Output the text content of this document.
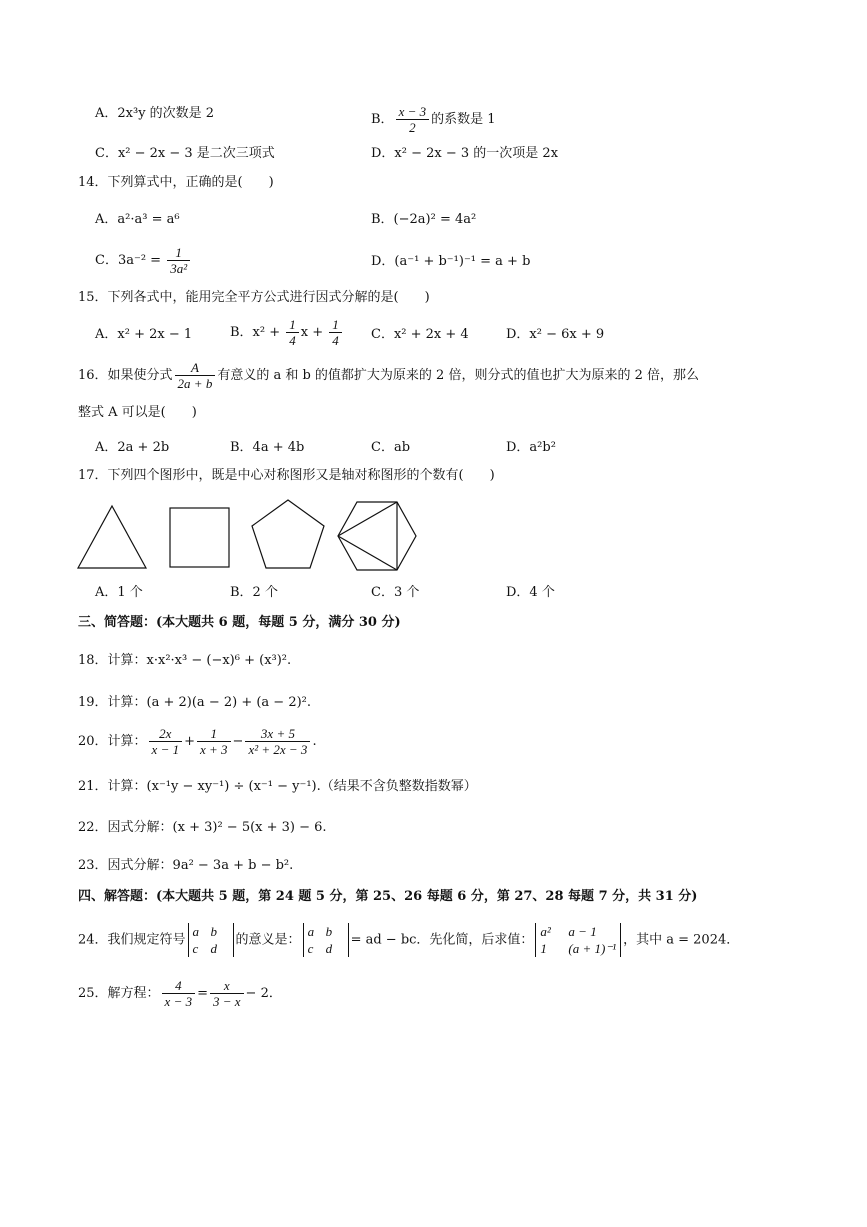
A．2x³y 的次数是 2	B． $\frac{x - 3}{2}$ 的系数是 1
C．x² − 2x − 3 是二次三项式	D．x² − 2x − 3 的一次项是 2x
14．下列算式中，正确的是(　　)
A．a²·a³ = a⁶	B．(−2a)² = 4a²
C．$3a^{-2} = \frac{1}{\text{3a²}}$	D．(a⁻¹ + b⁻¹)⁻¹ = a + b
15．下列各式中，能用完全平方公式进行因式分解的是(　　)
A．x² + 2x − 1	B．$x^2 + \frac{1}{4}$ $x + \frac{1}{4}$ C．x² + 2x + 4	D．x² − 6x + 9
16．如果使分式 $\frac{A}{2a + b}$ 有意义的 a 和 b 的值都扩大为原来的 2 倍，则分式的值也扩大为原来的 2 倍，那么
整式 A 可以是(　　)
A．2a + 2b	B．4a + 4b	C．ab	D．a²b²
17．下列四个图形中，既是中心对称图形又是轴对称图形的个数有(　　)
A．1 个	B．2 个	C．3 个	D．4 个
三、简答题：(本大题共 6 题，每题 5 分，满分 30 分)
18．计算：x·x²·x³ − (−x)⁶ + (x³)².
19．计算：(a + 2)(a − 2) + (a − 2)².
20．计算： $\frac{2x}{x - 1} + \frac{1}{x + 3} - \frac{3x + 5}{\text{x² + 2x − 3}}$ .
21．计算：(x⁻¹y − xy⁻¹) ÷ (x⁻¹ − y⁻¹).（结果不含负整数指数幂）
22．因式分解：(x + 3)² − 5(x + 3) − 6.
23．因式分解：9a² − 3a + b − b².
四、解答题：(本大题共 5 题，第 24 题 5 分，第 25、26 每题 6 分，第 27、28 每题 7 分，共 31 分)
24．我们规定符号
a b
c d
的意义是：
a b
c d
= ad − bc．先化简，后求值：
a² a − 1
1 (a + 1)⁻¹
，其中 a = 2024．
25．解方程： $\frac{4}{x - 3} = \frac{x}{3 - x} - 2$．
